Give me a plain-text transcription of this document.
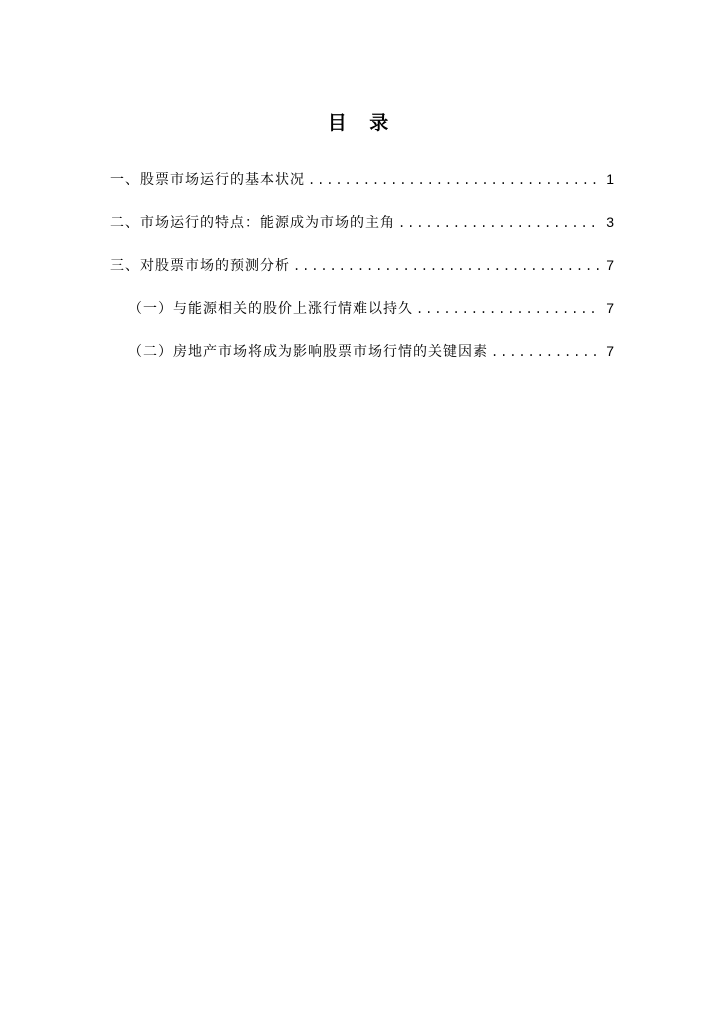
目 录
一、股票市场运行的基本状况 .....	1
二、市场运行的特点：能源成为市场的主角 .....	3
三、对股票市场的预测分析 .....	7
（一）与能源相关的股价上涨行情难以持久 .....	7
（二）房地产市场将成为影响股票市场行情的关键因素 .....	7
